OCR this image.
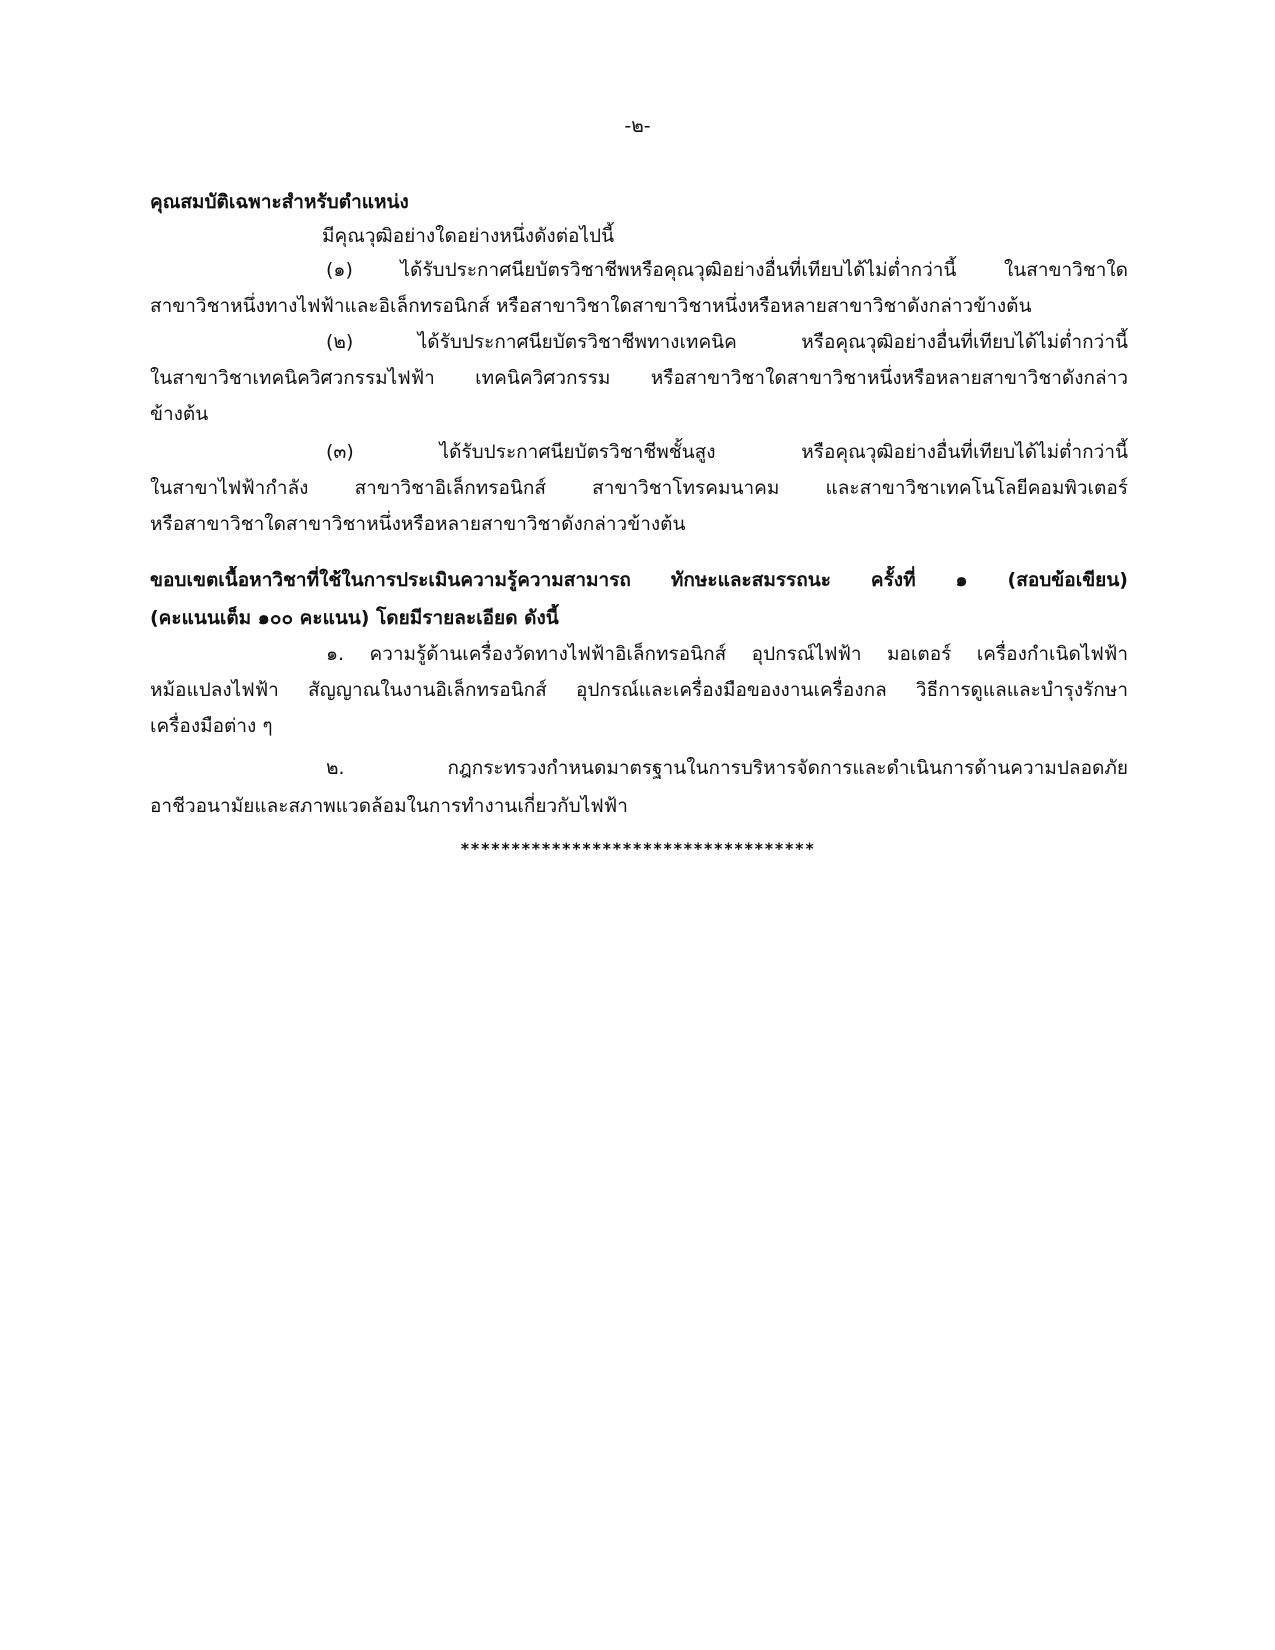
-๒-
คุณสมบัติเฉพาะสำหรับตำแหน่ง
มีคุณวุฒิอย่างใดอย่างหนึ่งดังต่อไปนี้
(๑) ได้รับประกาศนียบัตรวิชาชีพหรือคุณวุฒิอย่างอื่นที่เทียบได้ไม่ต่ำกว่านี้ ในสาขาวิชาใด
สาขาวิชาหนึ่งทางไฟฟ้าและอิเล็กทรอนิกส์ หรือสาขาวิชาใดสาขาวิชาหนึ่งหรือหลายสาขาวิชาดังกล่าวข้างต้น
(๒) ได้รับประกาศนียบัตรวิชาชีพทางเทคนิค หรือคุณวุฒิอย่างอื่นที่เทียบได้ไม่ต่ำกว่านี้
ในสาขาวิชาเทคนิควิศวกรรมไฟฟ้า เทคนิควิศวกรรม หรือสาขาวิชาใดสาขาวิชาหนึ่งหรือหลายสาขาวิชาดังกล่าว
ข้างต้น
(๓) ได้รับประกาศนียบัตรวิชาชีพชั้นสูง หรือคุณวุฒิอย่างอื่นที่เทียบได้ไม่ต่ำกว่านี้
ในสาขาไฟฟ้ากำลัง สาขาวิชาอิเล็กทรอนิกส์ สาขาวิชาโทรคมนาคม และสาขาวิชาเทคโนโลยีคอมพิวเตอร์
หรือสาขาวิชาใดสาขาวิชาหนึ่งหรือหลายสาขาวิชาดังกล่าวข้างต้น
ขอบเขตเนื้อหาวิชาที่ใช้ในการประเมินความรู้ความสามารถ ทักษะและสมรรถนะ ครั้งที่ ๑ (สอบข้อเขียน)
(คะแนนเต็ม ๑๐๐ คะแนน) โดยมีรายละเอียด ดังนี้
๑. ความรู้ด้านเครื่องวัดทางไฟฟ้าอิเล็กทรอนิกส์ อุปกรณ์ไฟฟ้า มอเตอร์ เครื่องกำเนิดไฟฟ้า
หม้อแปลงไฟฟ้า สัญญาณในงานอิเล็กทรอนิกส์ อุปกรณ์และเครื่องมือของงานเครื่องกล วิธีการดูแลและบำรุงรักษา
เครื่องมือต่าง ๆ
๒. กฎกระทรวงกำหนดมาตรฐานในการบริหารจัดการและดำเนินการด้านความปลอดภัย
อาชีวอนามัยและสภาพแวดล้อมในการทำงานเกี่ยวกับไฟฟ้า
***********************************
